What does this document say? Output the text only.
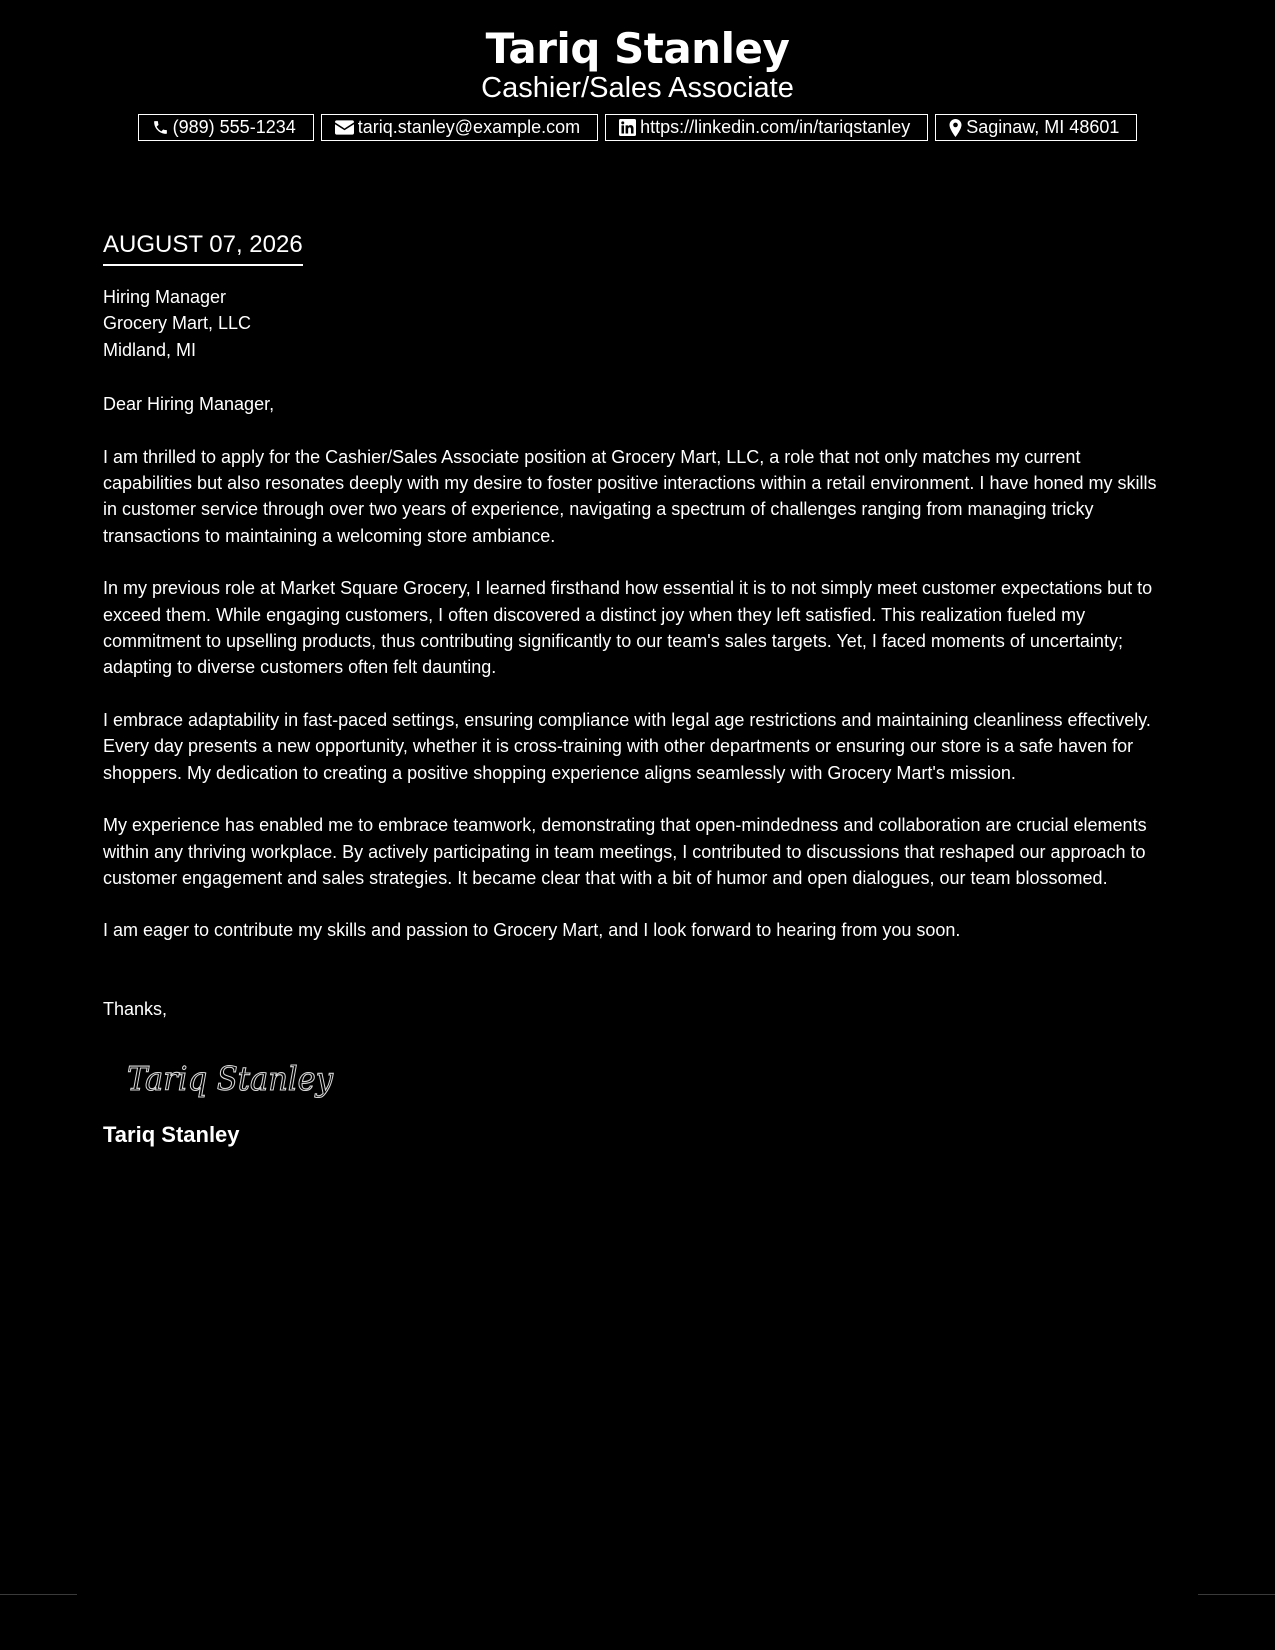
Tariq Stanley
Cashier/Sales Associate
(989) 555-1234	tariq.stanley@example.com	https://linkedin.com/in/tariqstanley	Saginaw, MI 48601
AUGUST 07, 2026
Hiring Manager
Grocery Mart, LLC
Midland, MI
Dear Hiring Manager,

I am thrilled to apply for the Cashier/Sales Associate position at Grocery Mart, LLC, a role that not only matches my current capabilities but also resonates deeply with my desire to foster positive interactions within a retail environment. I have honed my skills in customer service through over two years of experience, navigating a spectrum of challenges ranging from managing tricky transactions to maintaining a welcoming store ambiance.

In my previous role at Market Square Grocery, I learned firsthand how essential it is to not simply meet customer expectations but to exceed them. While engaging customers, I often discovered a distinct joy when they left satisfied. This realization fueled my commitment to upselling products, thus contributing significantly to our team's sales targets. Yet, I faced moments of uncertainty; adapting to diverse customers often felt daunting.

I embrace adaptability in fast-paced settings, ensuring compliance with legal age restrictions and maintaining cleanliness effectively. Every day presents a new opportunity, whether it is cross-training with other departments or ensuring our store is a safe haven for shoppers. My dedication to creating a positive shopping experience aligns seamlessly with Grocery Mart's mission.

My experience has enabled me to embrace teamwork, demonstrating that open-mindedness and collaboration are crucial elements within any thriving workplace. By actively participating in team meetings, I contributed to discussions that reshaped our approach to customer engagement and sales strategies. It became clear that with a bit of humor and open dialogues, our team blossomed.

I am eager to contribute my skills and passion to Grocery Mart, and I look forward to hearing from you soon.

Thanks,
Tariq Stanley
Tariq Stanley
